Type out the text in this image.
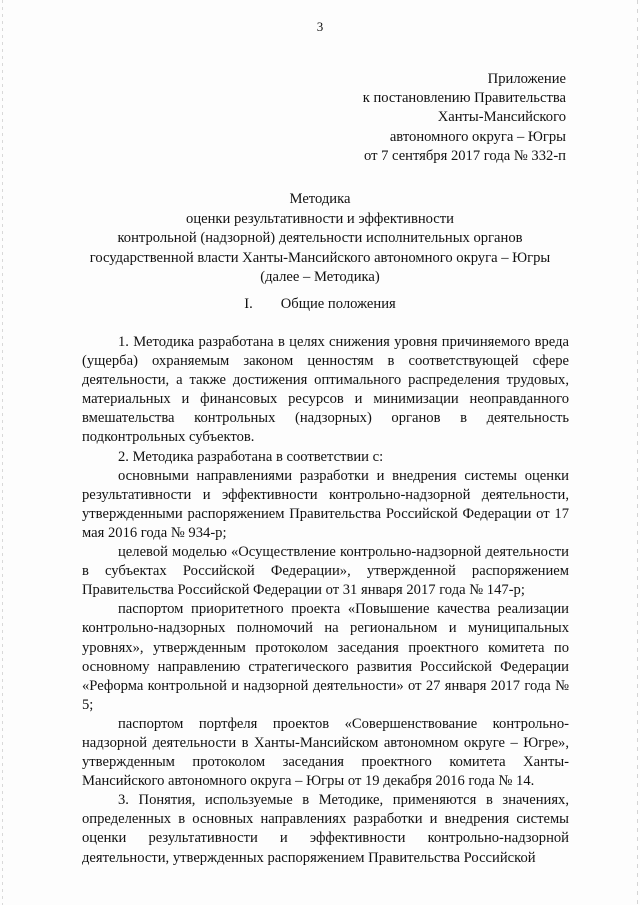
3
Приложение
к постановлению Правительства
Ханты-Мансийского
автономного округа – Югры
от 7 сентября 2017 года № 332-п
Методика
оценки результативности и эффективности
контрольной (надзорной) деятельности исполнительных органов
государственной власти Ханты-Мансийского автономного округа – Югры
(далее – Методика)
I. Общие положения

1. Методика разработана в целях снижения уровня причиняемого вреда (ущерба) охраняемым законом ценностям в соответствующей сфере деятельности, а также достижения оптимального распределения трудовых, материальных и финансовых ресурсов и минимизации неоправданного вмешательства контрольных (надзорных) органов в деятельность подконтрольных субъектов.

2. Методика разработана в соответствии с:

основными направлениями разработки и внедрения системы оценки результативности и эффективности контрольно-надзорной деятельности, утвержденными распоряжением Правительства Российской Федерации от 17 мая 2016 года № 934-р;

целевой моделью «Осуществление контрольно-надзорной деятельности в субъектах Российской Федерации», утвержденной распоряжением Правительства Российской Федерации от 31 января 2017 года № 147-р;

паспортом приоритетного проекта «Повышение качества реализации контрольно-надзорных полномочий на региональном и муниципальных уровнях», утвержденным протоколом заседания проектного комитета по основному направлению стратегического развития Российской Федерации «Реформа контрольной и надзорной деятельности» от 27 января 2017 года № 5;

паспортом портфеля проектов «Совершенствование контрольно-надзорной деятельности в Ханты-Мансийском автономном округе – Югре», утвержденным протоколом заседания проектного комитета Ханты-Мансийского автономного округа – Югры от 19 декабря 2016 года № 14.

3. Понятия, используемые в Методике, применяются в значениях, определенных в основных направлениях разработки и внедрения системы оценки результативности и эффективности контрольно-надзорной деятельности, утвержденных распоряжением Правительства Российской
